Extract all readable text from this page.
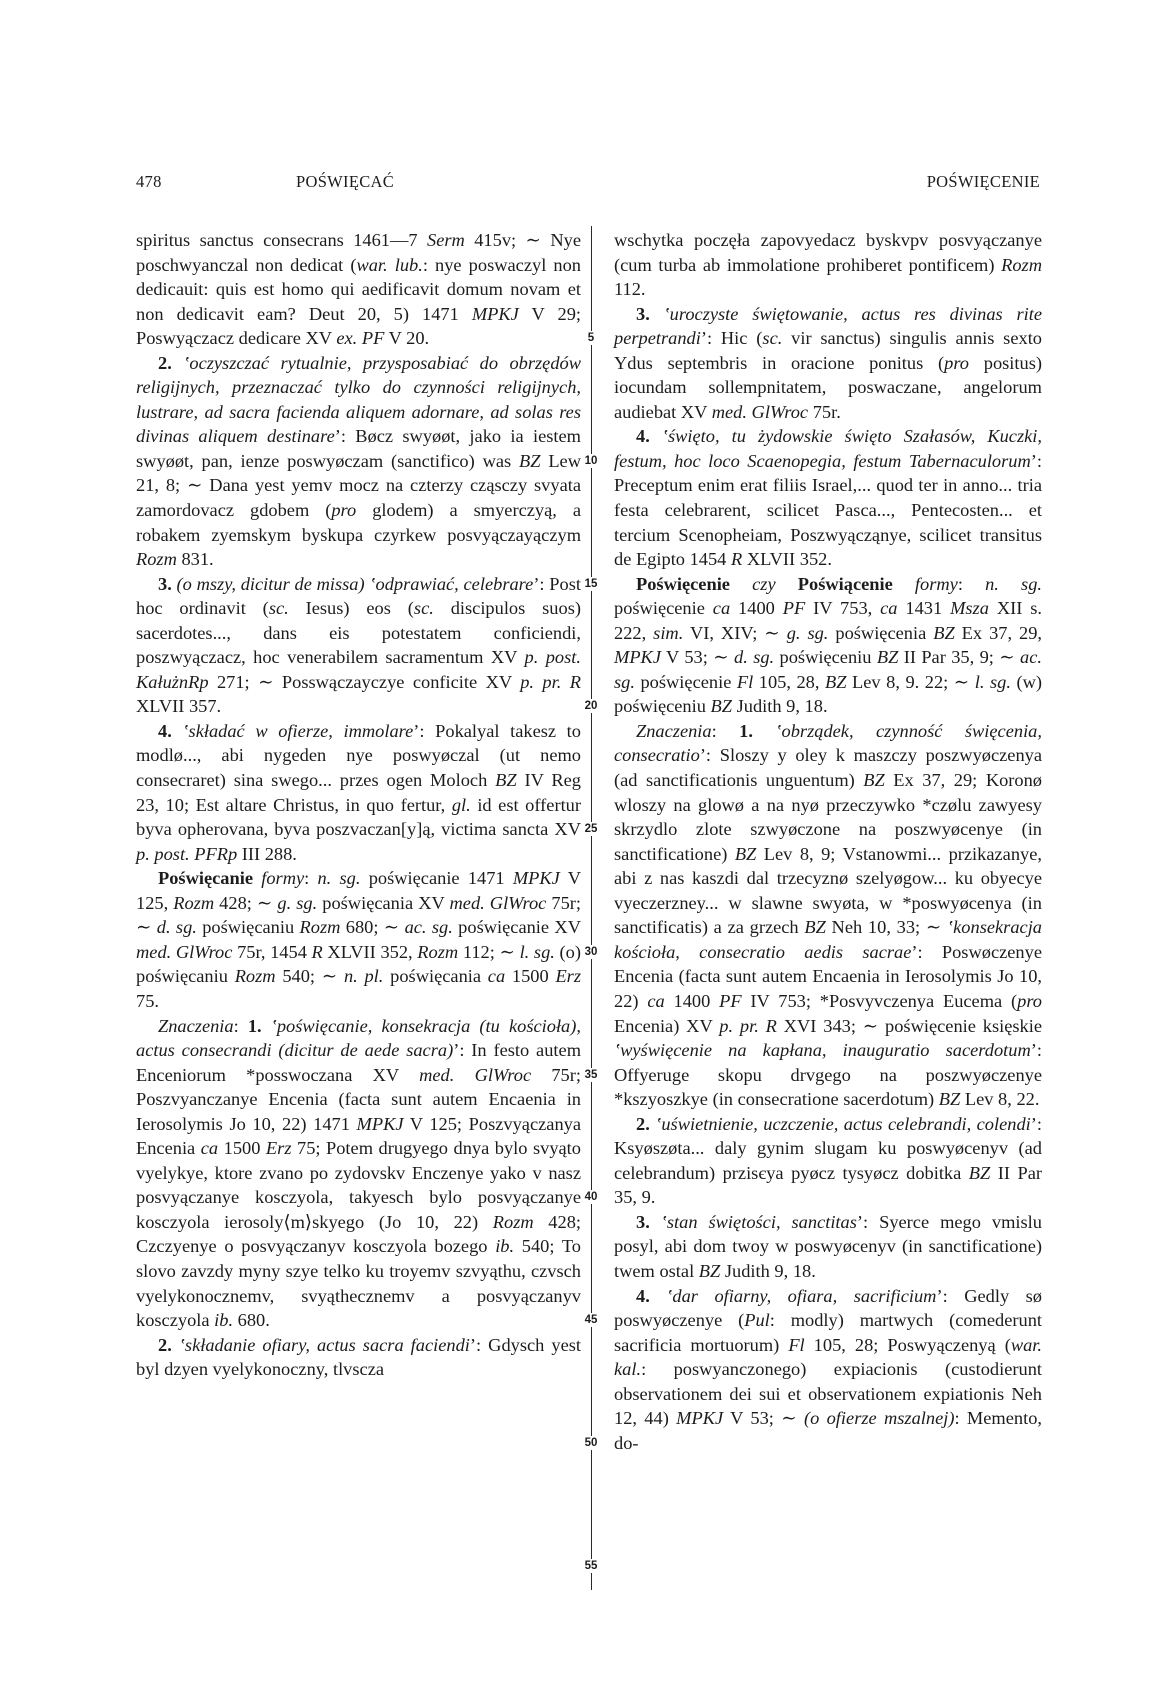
478	POŚWIĘCAĆ	POŚWIĘCENIE
5
10
15
20
25
30
35
40
45
50
55

spiritus sanctus consecrans 1461—7 Serm 415v; ∼ Nye poschwyanczal non dedicat (war. lub.: nye poswaczyl non dedicauit: quis est homo qui aedificavit domum novam et non dedicavit eam? Deut 20, 5) 1471 MPKJ V 29; Poswyączacz dedicare XV ex. PF V 20.

2. ʽoczyszczać rytualnie, przysposabiać do obrzędów religijnych, przeznaczać tylko do czynności religijnych, lustrare, ad sacra facienda aliquem adornare, ad solas res divinas aliquem destinareʼ: Bøcz swyøøt, jako ia iestem swyøøt, pan, ienze poswyøczam (sanctifico) was BZ Lew 21, 8; ∼ Dana yest yemv mocz na czterzy cząsczy svyata zamordovacz gdobem (pro glodem) a smyerczyą, a robakem zyemskym byskupa czyrkew posvyączayączym Rozm 831.

3. (o mszy, dicitur de missa) ʽodprawiać, celebrareʼ: Post hoc ordinavit (sc. Iesus) eos (sc. discipulos suos) sacerdotes..., dans eis potestatem conficiendi, poszwyączacz, hoc venerabilem sacramentum XV p. post. KałużnRp 271; ∼ Posswączayczye conficite XV p. pr. R XLVII 357.

4. ʽskładać w ofierze, immolareʼ: Pokalyal takesz to modlø..., abi nygeden nye poswyøczal (ut nemo consecraret) sina swego... przes ogen Moloch BZ IV Reg 23, 10; Est altare Christus, in quo fertur, gl. id est offertur byva opherovana, byva poszvaczan[y]ą, victima sancta XV p. post. PFRp III 288.

Poświęcanie formy: n. sg. poświęcanie 1471 MPKJ V 125, Rozm 428; ∼ g. sg. poświęcania XV med. GlWroc 75r; ∼ d. sg. poświęcaniu Rozm 680; ∼ ac. sg. poświęcanie XV med. GlWroc 75r, 1454 R XLVII 352, Rozm 112; ∼ l. sg. (o) poświęcaniu Rozm 540; ∼ n. pl. poświęcania ca 1500 Erz 75.

Znaczenia: 1. ʽpoświęcanie, konsekracja (tu kościoła), actus consecrandi (dicitur de aede sacra)ʼ: In festo autem Enceniorum *posswoczana XV med. GlWroc 75r; Poszvyanczanye Encenia (facta sunt autem Encaenia in Ierosolymis Jo 10, 22) 1471 MPKJ V 125; Poszvyączanya Encenia ca 1500 Erz 75; Potem drugyego dnya bylo svyąto vyelykye, ktore zvano po zydovskv Enczenye yako v nasz posvyączanye kosczyola, takyesch bylo posvyączanye kosczyola ierosoly⟨m⟩skyego (Jo 10, 22) Rozm 428; Czczyenye o posvyączanyv kosczyola bozego ib. 540; To slovo zavzdy myny szye telko ku troyemv szvyąthu, czvsch vyelykonocznemv, svyąthecznemv a posvyączanyv kosczyola ib. 680.

2. ʽskładanie ofiary, actus sacra faciendiʼ: Gdysch yest byl dzyen vyelykonoczny, tlvscza

wschytka poczęła zapovyedacz byskvpv posvyączanye (cum turba ab immolatione prohiberet pontificem) Rozm 112.

3. ʽuroczyste świętowanie, actus res divinas rite perpetrandiʼ: Hic (sc. vir sanctus) singulis annis sexto Ydus septembris in oracione ponitus (pro positus) iocundam sollempnitatem, poswaczane, angelorum audiebat XV med. GlWroc 75r.

4. ʽświęto, tu żydowskie święto Szałasów, Kuczki, festum, hoc loco Scaenopegia, festum Tabernaculorumʼ: Preceptum enim erat filiis Israel,... quod ter in anno... tria festa celebrarent, scilicet Pasca..., Pentecosten... et tercium Scenopheiam, Poszwyącząnye, scilicet transitus de Egipto 1454 R XLVII 352.

Poświęcenie czy Poświącenie formy: n. sg. poświęcenie ca 1400 PF IV 753, ca 1431 Msza XII s. 222, sim. VI, XIV; ∼ g. sg. poświęcenia BZ Ex 37, 29, MPKJ V 53; ∼ d. sg. poświęceniu BZ II Par 35, 9; ∼ ac. sg. poświęcenie Fl 105, 28, BZ Lev 8, 9. 22; ∼ l. sg. (w) poświęceniu BZ Judith 9, 18.

Znaczenia: 1. ʽobrządek, czynność święcenia, consecratioʼ: Sloszy y oley k maszczy poszwyøczenya (ad sanctificationis unguentum) BZ Ex 37, 29; Koronø wloszy na glowø a na nyø przeczywko *czølu zawyesy skrzydlo zlote szwyøczone na poszwyøcenye (in sanctificatione) BZ Lev 8, 9; Vstanowmi... przikazanye, abi z nas kaszdi dal trzecyznø szelyøgow... ku obyecye vyeczerzney... w slawne swyøta, w *poswyøcenya (in sanctificatis) a za grzech BZ Neh 10, 33; ∼ ʽkonsekracja kościoła, consecratio aedis sacraeʼ: Poswøczenye Encenia (facta sunt autem Encaenia in Ierosolymis Jo 10, 22) ca 1400 PF IV 753; *Posvyvczenya Eucema (pro Encenia) XV p. pr. R XVI 343; ∼ poświęcenie księskie ʽwyświęcenie na kapłana, inauguratio sacerdotumʼ: Offyeruge skopu drvgego na poszwyøczenye *kszyoszkye (in consecratione sacerdotum) BZ Lev 8, 22.

2. ʽuświetnienie, uczczenie, actus celebrandi, colendiʼ: Ksyøszøta... daly gynim slugam ku poswyøcenyv (ad celebrandum) przisєya pyøcz tysyøcz dobitka BZ II Par 35, 9.

3. ʽstan świętości, sanctitasʼ: Syerce mego vmislu posyl, abi dom twoy w poswyøcenyv (in sanctificatione) twem ostal BZ Judith 9, 18.

4. ʽdar ofiarny, ofiara, sacrificiumʼ: Gedly sø poswyøczenye (Pul: modly) martwych (comederunt sacrificia mortuorum) Fl 105, 28; Poswyączenyą (war. kal.: poswyanczonego) expiacionis (custodierunt observationem dei sui et observationem expiationis Neh 12, 44) MPKJ V 53; ∼ (o ofierze mszalnej): Memento, do-
